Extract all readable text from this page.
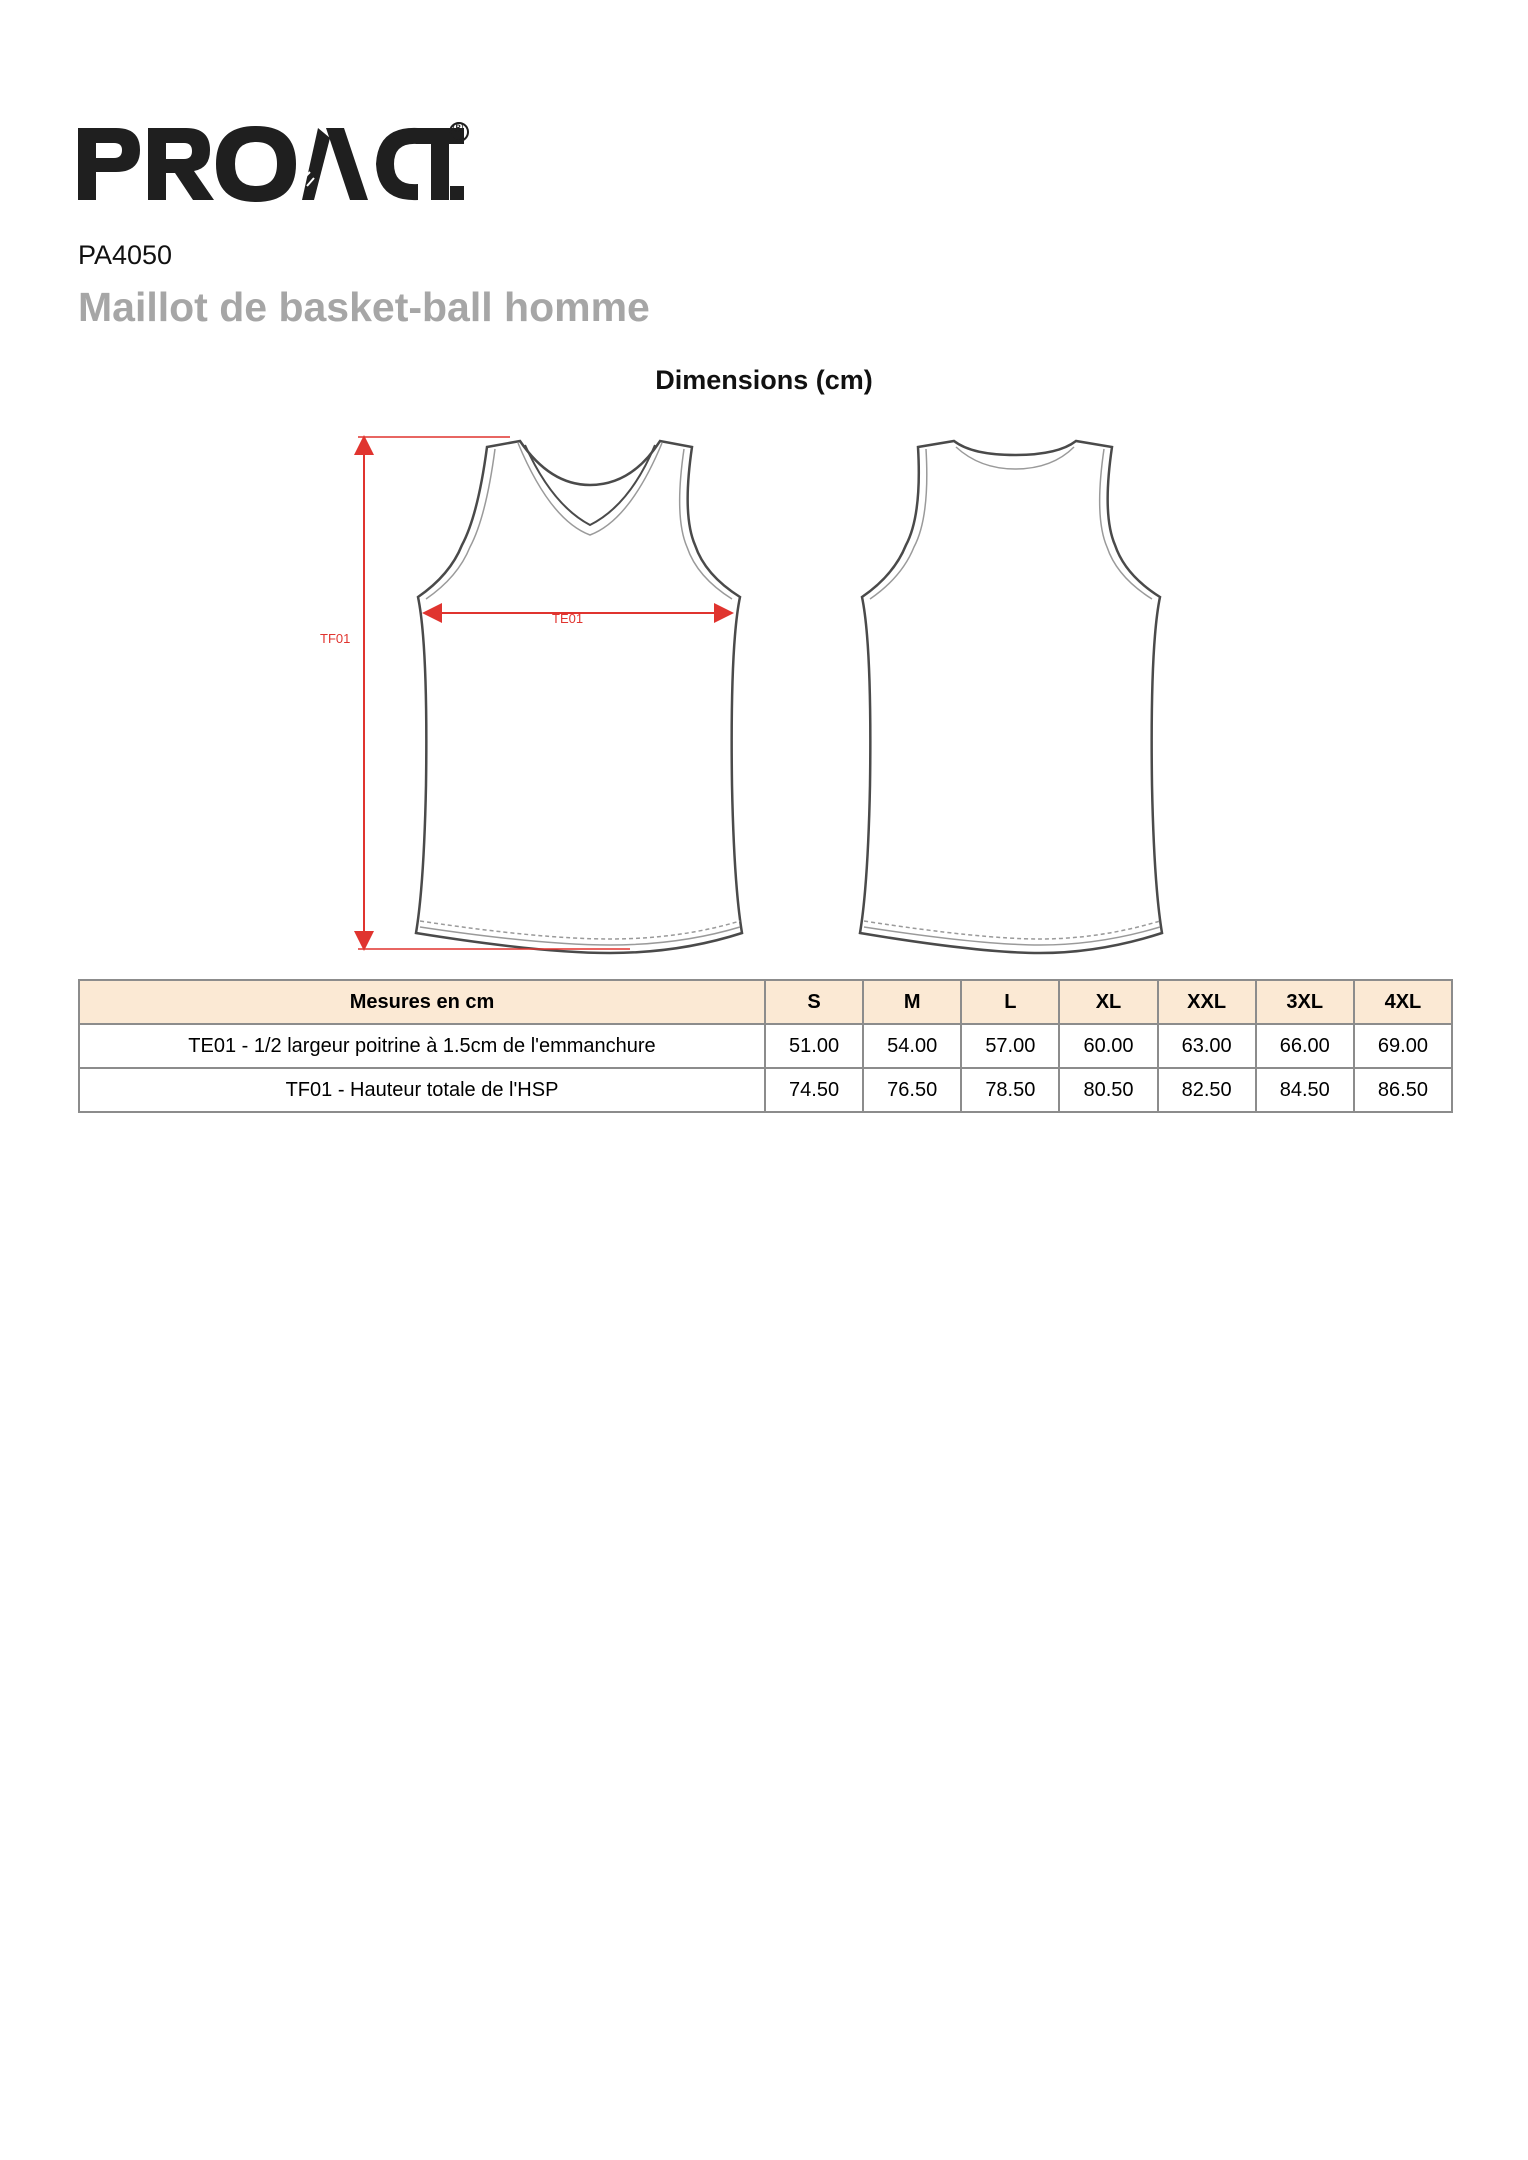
®
PA4050
Maillot de basket-ball homme
Dimensions (cm)
TF01
TE01
Mesures en cm	S	M	L	XL	XXL	3XL	4XL
TE01 - 1/2 largeur poitrine à 1.5cm de l'emmanchure	51.00	54.00	57.00	60.00	63.00	66.00	69.00
TF01 - Hauteur totale de l'HSP	74.50	76.50	78.50	80.50	82.50	84.50	86.50
